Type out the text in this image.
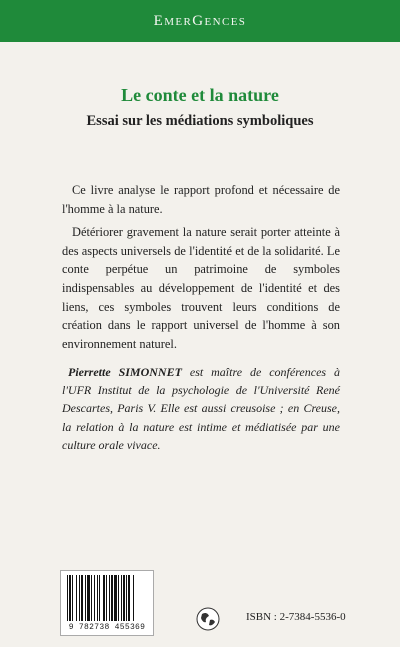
EmerGences
Le conte et la nature
Essai sur les médiations symboliques

Ce livre analyse le rapport profond et nécessaire de l'homme à la nature.

Détériorer gravement la nature serait porter atteinte à des aspects universels de l'identité et de la solidarité. Le conte perpétue un patrimoine de symboles indispensables au développement de l'identité et des liens, ces symboles trouvent leurs conditions de création dans le rapport universel de l'homme à son environnement naturel.

Pierrette SIMONNET est maître de conférences à l'UFR Institut de la psychologie de l'Université René Descartes, Paris V. Elle est aussi creusoise ; en Creuse, la relation à la nature est intime et médiatisée par une culture orale vivace.

9 782738 455369
ISBN : 2-7384-5536-0
